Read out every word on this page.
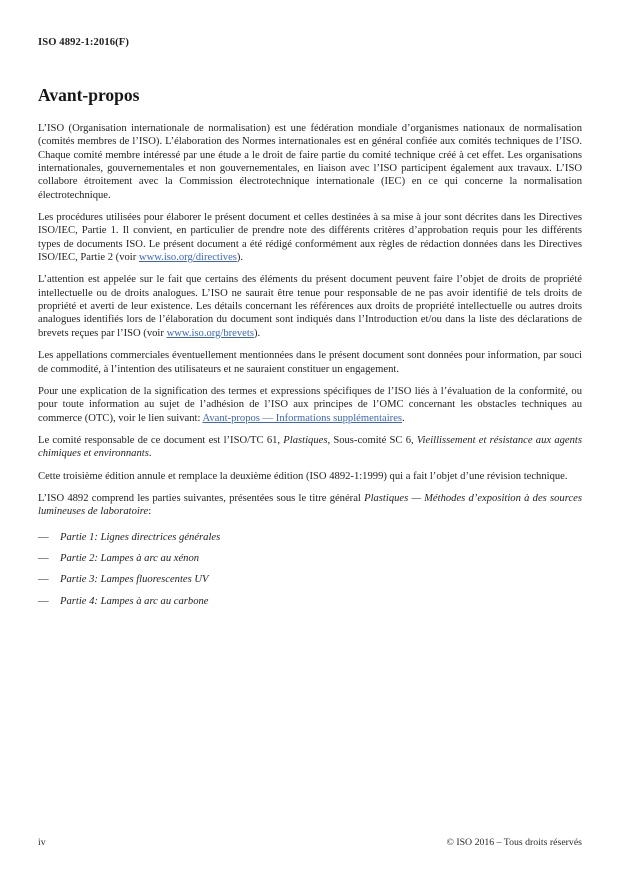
ISO 4892-1:2016(F)
Avant-propos

L’ISO (Organisation internationale de normalisation) est une fédération mondiale d’organismes nationaux de normalisation (comités membres de l’ISO). L’élaboration des Normes internationales est en général confiée aux comités techniques de l’ISO. Chaque comité membre intéressé par une étude a le droit de faire partie du comité technique créé à cet effet. Les organisations internationales, gouvernementales et non gouvernementales, en liaison avec l’ISO participent également aux travaux. L’ISO collabore étroitement avec la Commission électrotechnique internationale (IEC) en ce qui concerne la normalisation électrotechnique.

Les procédures utilisées pour élaborer le présent document et celles destinées à sa mise à jour sont décrites dans les Directives ISO/IEC, Partie 1. Il convient, en particulier de prendre note des différents critères d’approbation requis pour les différents types de documents ISO. Le présent document a été rédigé conformément aux règles de rédaction données dans les Directives ISO/IEC, Partie 2 (voir www.iso.org/directives).

L’attention est appelée sur le fait que certains des éléments du présent document peuvent faire l’objet de droits de propriété intellectuelle ou de droits analogues. L’ISO ne saurait être tenue pour responsable de ne pas avoir identifié de tels droits de propriété et averti de leur existence. Les détails concernant les références aux droits de propriété intellectuelle ou autres droits analogues identifiés lors de l’élaboration du document sont indiqués dans l’Introduction et/ou dans la liste des déclarations de brevets reçues par l’ISO (voir www.iso.org/brevets).

Les appellations commerciales éventuellement mentionnées dans le présent document sont données pour information, par souci de commodité, à l’intention des utilisateurs et ne sauraient constituer un engagement.

Pour une explication de la signification des termes et expressions spécifiques de l’ISO liés à l’évaluation de la conformité, ou pour toute information au sujet de l’adhésion de l’ISO aux principes de l’OMC concernant les obstacles techniques au commerce (OTC), voir le lien suivant: Avant-propos — Informations supplémentaires.

Le comité responsable de ce document est l’ISO/TC 61, Plastiques, Sous-comité SC 6, Vieillissement et résistance aux agents chimiques et environnants.

Cette troisième édition annule et remplace la deuxième édition (ISO 4892-1:1999) qui a fait l’objet d’une révision technique.

L’ISO 4892 comprend les parties suivantes, présentées sous le titre général Plastiques — Méthodes d’exposition à des sources lumineuses de laboratoire:

—	Partie 1: Lignes directrices générales
—	Partie 2: Lampes à arc au xénon
—	Partie 3: Lampes fluorescentes UV
—	Partie 4: Lampes à arc au carbone
iv	© ISO 2016 – Tous droits réservés
